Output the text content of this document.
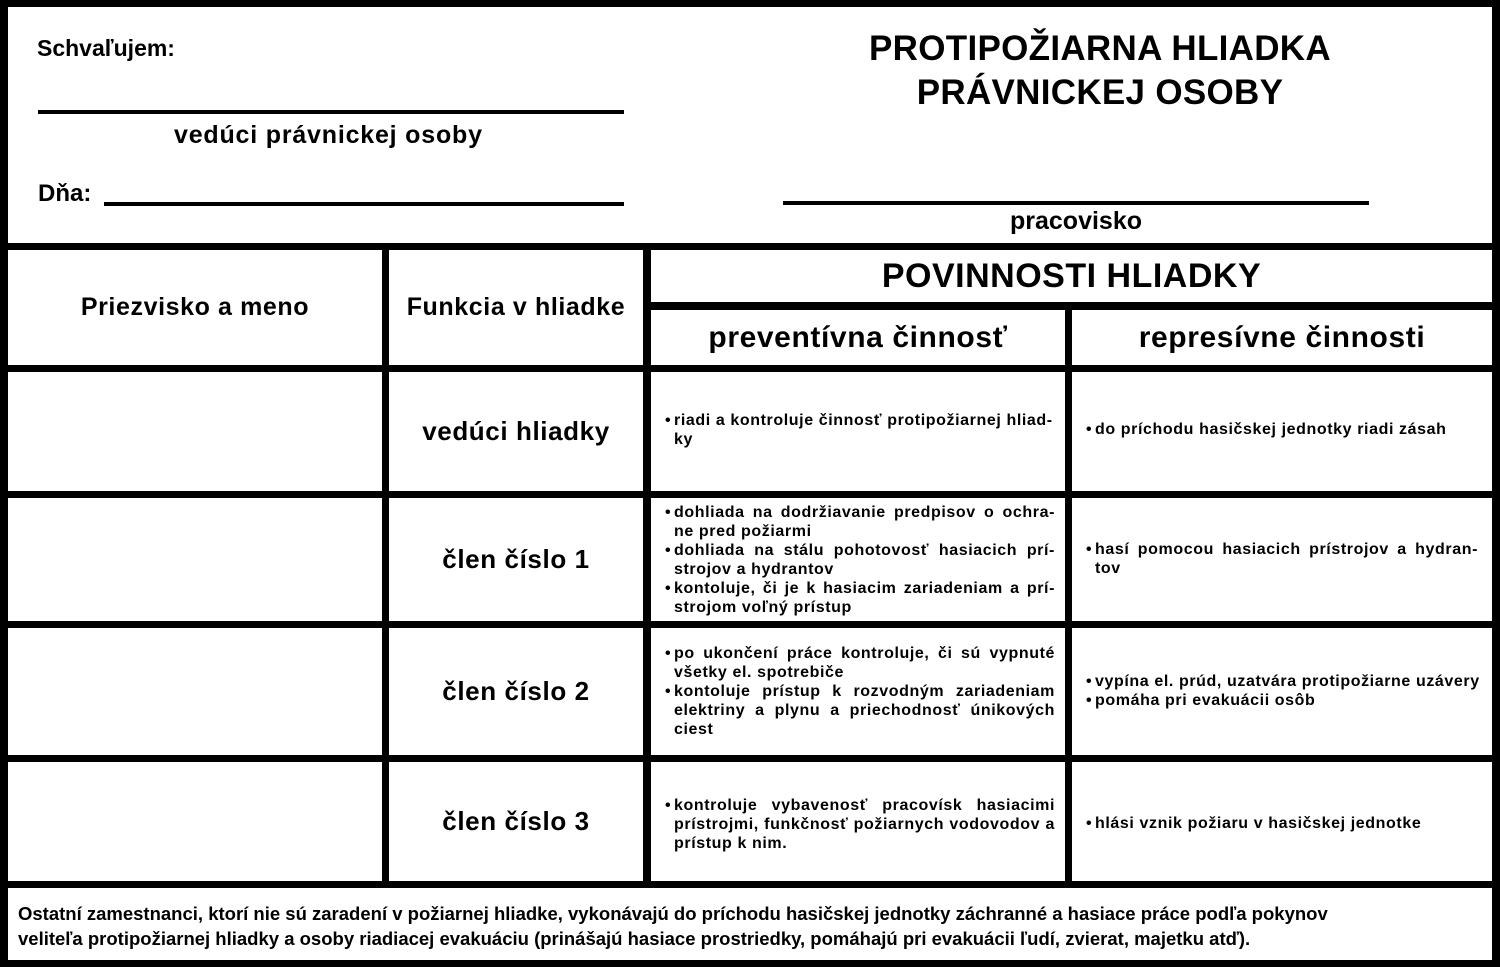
Schvaľujem:
vedúci právnickej osoby
Dňa:
PROTIPOŽIARNA HLIADKA
PRÁVNICKEJ OSOBY
pracovisko
Priezvisko a meno	Funkcia v hliadke
POVINNOSTI HLIADKY
preventívna činnosť	represívne činnosti
vedúci hliadky
•	riadi a kontroluje činnosť protipožiarnej hliad-ky
• do príchodu hasičskej jednotky riadi zásah
člen číslo 1
• dohliada na dodržiavanie predpisov o ochra-ne pred požiarmi
• dohliada na stálu pohotovosť hasiacich prí-strojov a hydrantov
• kontoluje, či je k hasiacim zariadeniam a prí-strojom voľný prístup
• hasí pomocou hasiacich prístrojov a hydran-tov
člen číslo 2
• po ukončení práce kontroluje, či sú vypnuté všetky el. spotrebiče
• kontoluje prístup k rozvodným zariadeniam elektriny a plynu a priechodnosť únikových ciest
• vypína el. prúd, uzatvára protipožiarne uzávery
• pomáha pri evakuácii osôb
člen číslo 3
• kontroluje vybavenosť pracovísk hasiacimi prístrojmi, funkčnosť požiarnych vodovodov a prístup k nim.
• hlási vznik požiaru v hasičskej jednotke
Ostatní zamestnanci, ktorí nie sú zaradení v požiarnej hliadke, vykonávajú do príchodu hasičskej jednotky záchranné a hasiace práce podľa pokynov
veliteľa protipožiarnej hliadky a osoby riadiacej evakuáciu (prinášajú hasiace prostriedky, pomáhajú pri evakuácii ľudí, zvierat, majetku atď).
